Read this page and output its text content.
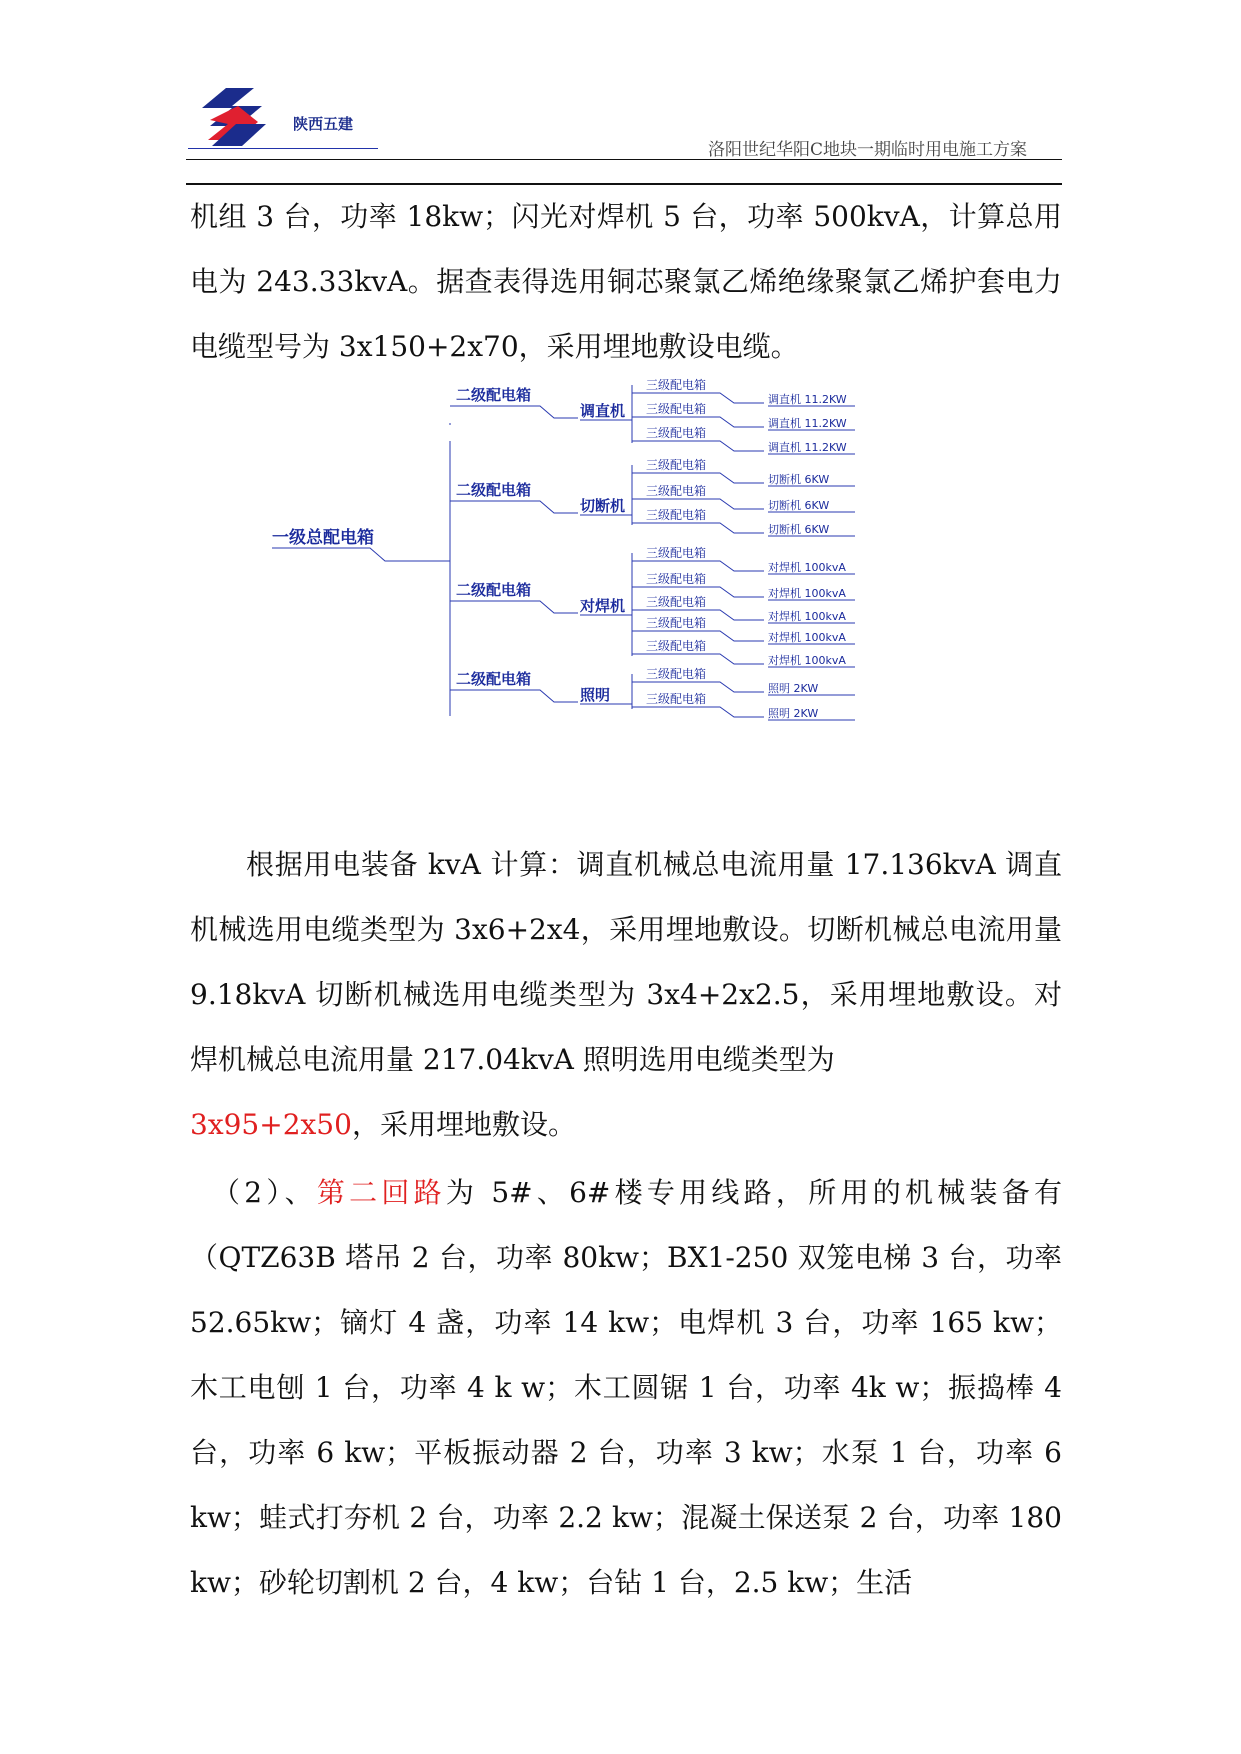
陕西五建
洛阳世纪华阳C地块一期临时用电施工方案

机组 3 台，功率 18kw；闪光对焊机 5 台，功率 500kvA，计算总用电为 243.33kvA。据查表得选用铜芯聚氯乙烯绝缘聚氯乙烯护套电力电缆型号为 3x150+2x70，采用埋地敷设电缆。

一级总配电箱
二级配电箱
调直机
三级配电箱
调直机 11.2KW
三级配电箱
调直机 11.2KW
三级配电箱
调直机 11.2KW
二级配电箱
切断机
三级配电箱
切断机 6KW
三级配电箱
切断机 6KW
三级配电箱
切断机 6KW
二级配电箱
对焊机
三级配电箱
对焊机 100kvA
三级配电箱
对焊机 100kvA
三级配电箱
对焊机 100kvA
三级配电箱
对焊机 100kvA
三级配电箱
对焊机 100kvA
二级配电箱
照明
三级配电箱
照明 2KW
三级配电箱
照明 2KW

根据用电装备 kvA 计算：调直机械总电流用量 17.136kvA 调直机械选用电缆类型为 3x6+2x4，采用埋地敷设。切断机械总电流用量 9.18kvA 切断机械选用电缆类型为 3x4+2x2.5，采用埋地敷设。对焊机械总电流用量 217.04kvA 照明选用电缆类型为
3x95+2x50，采用埋地敷设。

（2）、第二回路为 5#、6#楼专用线路，所用的机械装备有（QTZ63B 塔吊 2 台，功率 80kw；BX1-250 双笼电梯 3 台，功率 52.65kw；镝灯 4 盏，功率 14 kw；电焊机 3 台，功率 165 kw；木工电刨 1 台，功率 4 k w；木工圆锯 1 台，功率 4k w；振捣棒 4 台，功率 6 kw；平板振动器 2 台，功率 3 kw；水泵 1 台，功率 6 kw；蛙式打夯机 2 台，功率 2.2 kw；混凝土保送泵 2 台，功率 180 kw；砂轮切割机 2 台，4 kw；台钻 1 台，2.5 kw；生活
